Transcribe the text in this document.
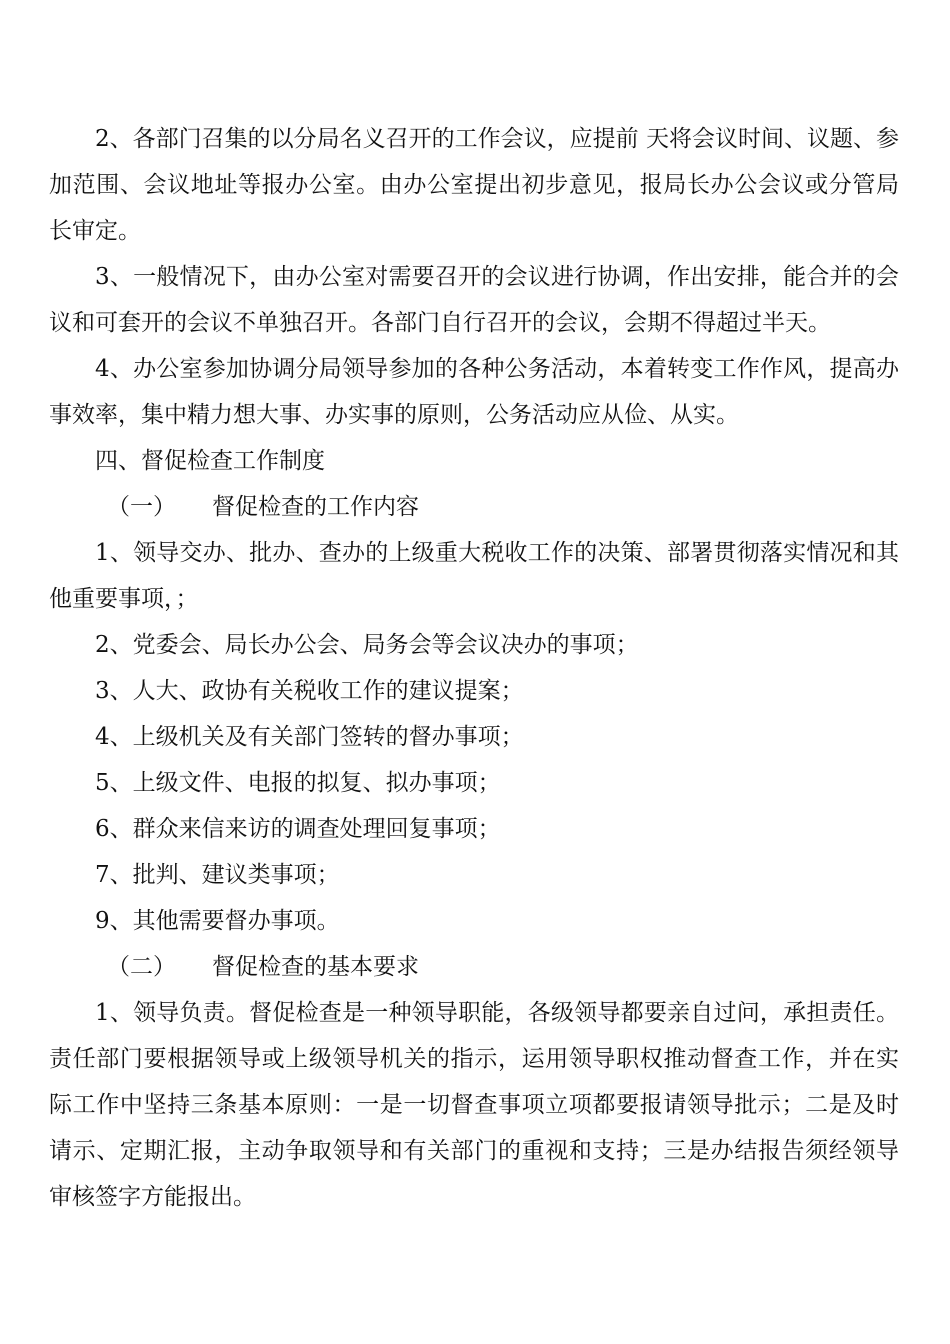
2、各部门召集的以分局名义召开的工作会议，应提前 天将会议时间、议题、参加范围、会议地址等报办公室。由办公室提出初步意见，报局长办公会议或分管局长审定。

3、一般情况下，由办公室对需要召开的会议进行协调，作出安排，能合并的会议和可套开的会议不单独召开。各部门自行召开的会议，会期不得超过半天。

4、办公室参加协调分局领导参加的各种公务活动，本着转变工作作风，提高办事效率，集中精力想大事、办实事的原则，公务活动应从俭、从实。

四、督促检查工作制度

（一） 督促检查的工作内容

1、领导交办、批办、查办的上级重大税收工作的决策、部署贯彻落实情况和其他重要事项，；

2、党委会、局长办公会、局务会等会议决办的事项；

3、人大、政协有关税收工作的建议提案；

4、上级机关及有关部门签转的督办事项；

5、上级文件、电报的拟复、拟办事项；

6、群众来信来访的调查处理回复事项；

7、批判、建议类事项；

9、其他需要督办事项。

（二） 督促检查的基本要求

1、领导负责。督促检查是一种领导职能，各级领导都要亲自过问，承担责任。责任部门要根据领导或上级领导机关的指示，运用领导职权推动督查工作，并在实际工作中坚持三条基本原则：一是一切督查事项立项都要报请领导批示；二是及时请示、定期汇报，主动争取领导和有关部门的重视和支持；三是办结报告须经领导审核签字方能报出。
